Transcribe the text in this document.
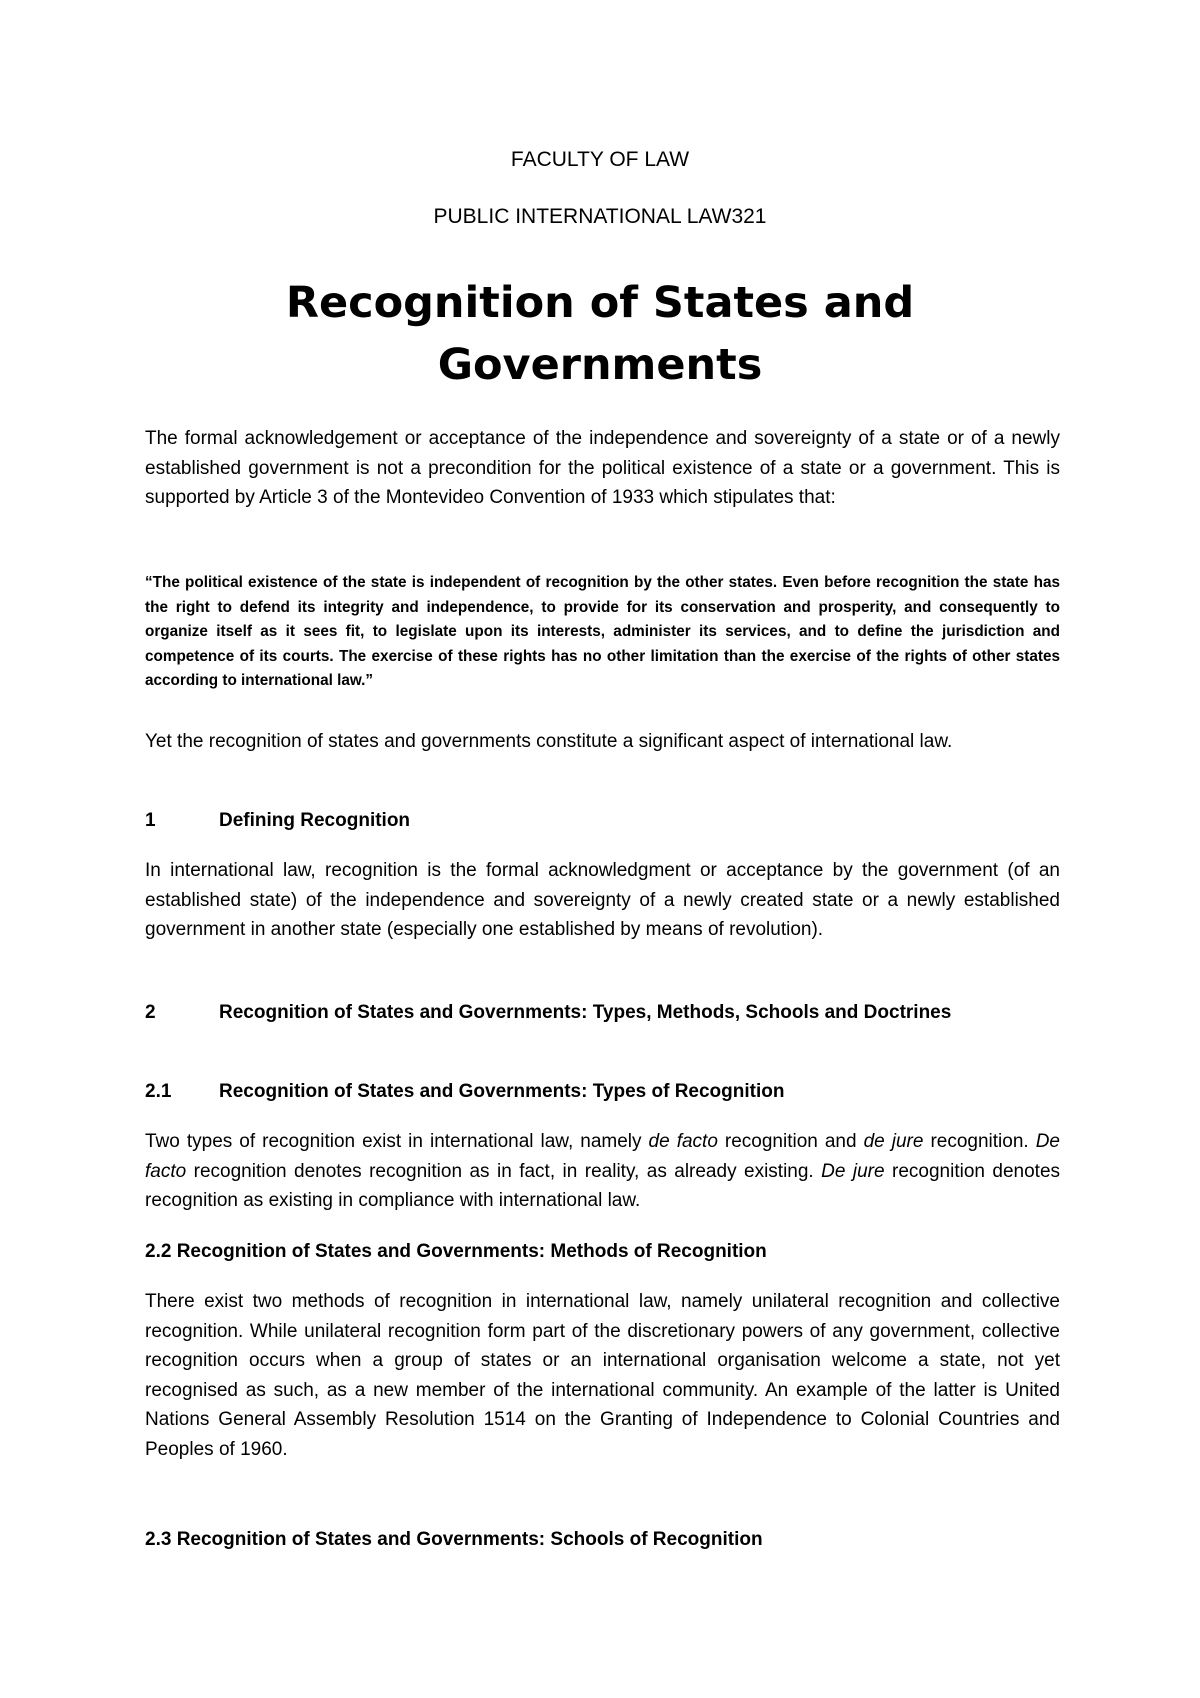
FACULTY OF LAW
PUBLIC INTERNATIONAL LAW321
Recognition of States and
Governments

The formal acknowledgement or acceptance of the independence and sovereignty of a state or of a newly established government is not a precondition for the political existence of a state or a government. This is supported by Article 3 of the Montevideo Convention of 1933 which stipulates that:

“The political existence of the state is independent of recognition by the other states. Even before recognition the state has the right to defend its integrity and independence, to provide for its conservation and prosperity, and consequently to organize itself as it sees fit, to legislate upon its interests, administer its services, and to define the jurisdiction and competence of its courts. The exercise of these rights has no other limitation than the exercise of the rights of other states according to international law.”

Yet the recognition of states and governments constitute a significant aspect of international law.

1	Defining Recognition

In international law, recognition is the formal acknowledgment or acceptance by the government (of an established state) of the independence and sovereignty of a newly created state or a newly established government in another state (especially one established by means of revolution).

2	Recognition of States and Governments: Types, Methods, Schools and Doctrines
2.1	Recognition of States and Governments: Types of Recognition

Two types of recognition exist in international law, namely de facto recognition and de jure recognition. De facto recognition denotes recognition as in fact, in reality, as already existing. De jure recognition denotes recognition as existing in compliance with international law.

2.2 Recognition of States and Governments: Methods of Recognition

There exist two methods of recognition in international law, namely unilateral recognition and collective recognition. While unilateral recognition form part of the discretionary powers of any government, collective recognition occurs when a group of states or an international organisation welcome a state, not yet recognised as such, as a new member of the international community. An example of the latter is United Nations General Assembly Resolution 1514 on the Granting of Independence to Colonial Countries and Peoples of 1960.

2.3 Recognition of States and Governments: Schools of Recognition
